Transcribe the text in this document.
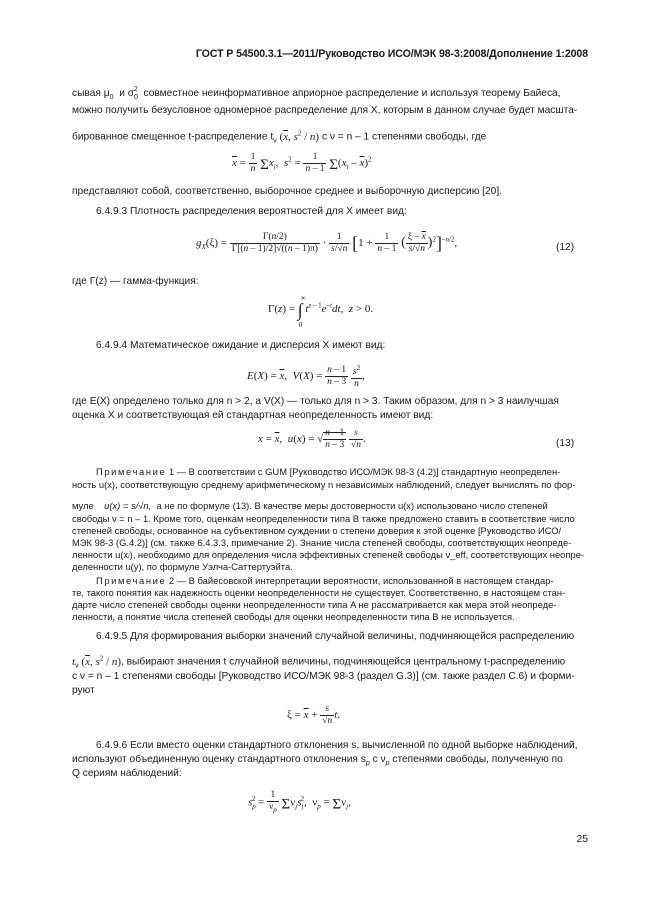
ГОСТ Р 54500.3.1—2011/Руководство ИСО/МЭК 98-3:2008/Дополнение 1:2008
сывая $\mu_0$ и $\sigma_0^2$ совместное неинформативное априорное распределение и используя теорему Байеса,
можно получить безусловное одномерное распределение для X, которым в данном случае будет масшта-
бированное смещенное t-распределение $t_\nu$ ($\overline{x}$, $s^2 / n$) с ν = n – 1 степенями свободы, где
$\overline{x} = \frac{1}{n} \Sigma x_i$,  $s^2 = \frac{1}{n - 1} \Sigma(x_i - \overline{x})^2$
представляют собой, соответственно, выборочное среднее и выборочную дисперсию [20].
6.4.9.3 Плотность распределения вероятностей для X имеет вид:
$g_X(\xi) = \frac{\Gamma(n/2)}{\Gamma[(n - 1)/2]√((n - 1)\pi)} \cdot \frac{1}{s/√n} [1 + \frac{1}{n - 1}$ ( $\frac{\xi - \overline{x}}{s/√n} )^2]^{-n/2}$,	(12)
где Γ(z) — гамма-функция:
Γ(z) = ∫
∞
0
$t^{z - 1}e^{-t}dt$,  z > 0.
6.4.9.4 Математическое ожидание и дисперсия X имеют вид:
$E(X) = \overline{x}$,  $V(X) = \frac{n - 1}{n - 3}$
$\frac{s^2}{n}$ ,
где E(X) определено только для n > 2, а V(X) — только для n > 3. Таким образом, для n > 3 наилучшая
оценка X и соответствующая ей стандартная неопределенность имеют вид:
$x = \overline{x}$,  u(x) = √ $\frac{n - 1}{n - 3}$
$\frac{s}{√n}$ .	(13)
Примечание 1 — В соответствии с GUM [Руководство ИСО/МЭК 98-3 (4.2)] стандартную неопределен-
ность u(x), соответствующую среднему арифметическому n независимых наблюдений, следует вычислять по фор-
муле u(x) = s/√n, а не по формуле (13). В качестве меры достоверности u(x) использовано число степеней
свободы ν = n – 1. Кроме того, оценкам неопределенности типа B также предложено ставить в соответствие число
степеней свободы, основанное на субъективном суждении о степени доверия к этой оценке [Руководство ИСО/
МЭК 98-3 (G.4.2)] (см. также 6.4.3.3, примечание 2). Знание числа степеней свободы, соответствующих неопреде-
ленности u(xᵢ), необходимо для определения числа эффективных степеней свободы ν_eff, соответствующих неопре-
деленности u(y), по формуле Уэлча-Саттертуэйта.
Примечание 2 — В байесовской интерпретации вероятности, использованной в настоящем стандар-
те, такого понятия как надежность оценки неопределенности не существует. Соответственно, в настоящем стан-
дарте число степеней свободы оценки неопределенности типа A не рассматривается как мера этой неопреде-
ленности, а понятие числа степеней свободы для оценки неопределенности типа B не используется.
6.4.9.5 Для формирования выборки значений случайной величины, подчиняющейся распределению
$t_\nu$ ($\overline{x}$, $s^2 / n$), выбирают значения t случайной величины, подчиняющейся центральному t-распределению
с ν = n – 1 степенями свободы [Руководство ИСО/МЭК 98-3 (раздел G.3)] (см. также раздел С.6) и форми-
руют
$\xi = \overline{x} + \frac{s}{√n} t$.
6.4.9.6 Если вместо оценки стандартного отклонения s, вычисленной по одной выборке наблюдений,
используют объединенную оценку стандартного отклонения $s_p$ с $\nu_p$ степенями свободы, полученную по
Q сериям наблюдений:
$s_p^2 = \frac{1}{\nu_p} \Sigma\nu_js_j^2$,  $\nu_p = \Sigma\nu_j$,
25
